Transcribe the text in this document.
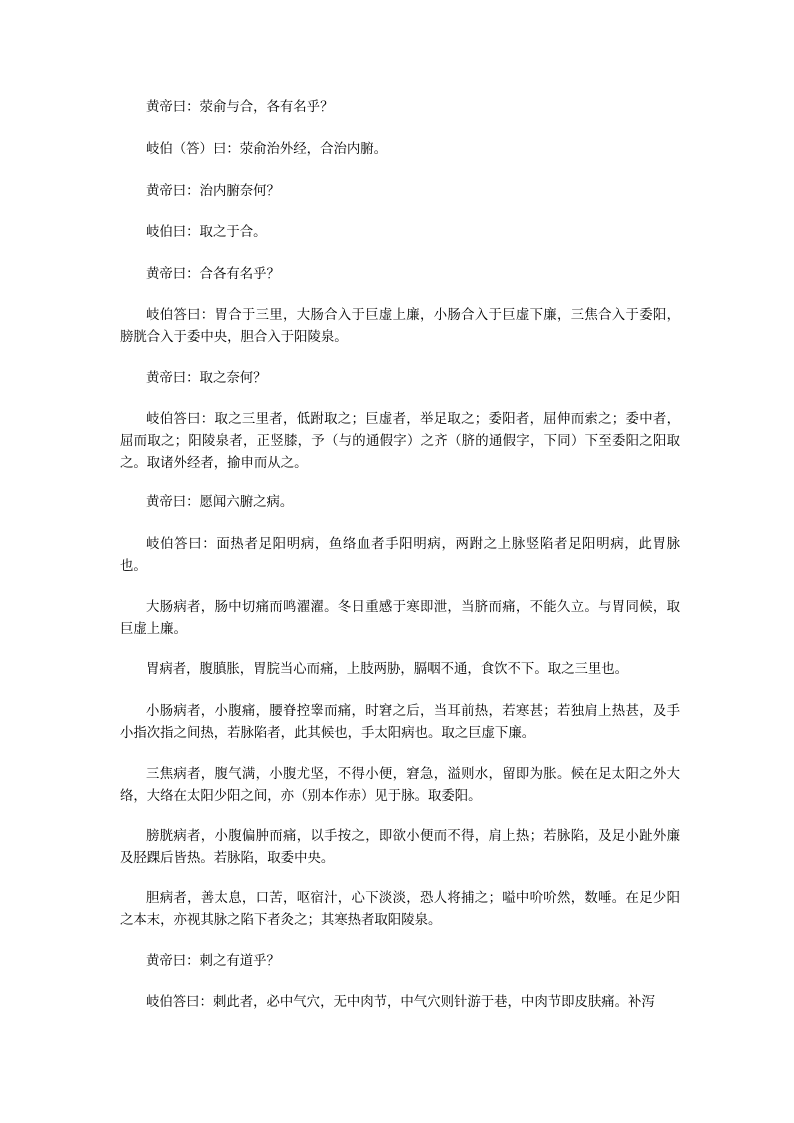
黄帝曰：荥俞与合，各有名乎？

岐伯（答）曰：荥俞治外经，合治内腑。

黄帝曰：治内腑奈何？

岐伯曰：取之于合。

黄帝曰：合各有名乎？

岐伯答曰：胃合于三里，大肠合入于巨虚上廉，小肠合入于巨虚下廉，三焦合入于委阳，膀胱合入于委中央，胆合入于阳陵泉。

黄帝曰：取之奈何？

岐伯答曰：取之三里者，低跗取之；巨虚者，举足取之；委阳者，屈伸而索之；委中者，屈而取之；阳陵泉者，正竖膝，予（与的通假字）之齐（脐的通假字，下同）下至委阳之阳取之。取诸外经者，揄申而从之。

黄帝曰：愿闻六腑之病。

岐伯答曰：面热者足阳明病，鱼络血者手阳明病，两跗之上脉竖陷者足阳明病，此胃脉也。

大肠病者，肠中切痛而鸣濯濯。冬日重感于寒即泄，当脐而痛，不能久立。与胃同候，取巨虚上廉。

胃病者，腹䐜胀，胃脘当心而痛，上肢两胁，膈咽不通，食饮不下。取之三里也。

小肠病者，小腹痛，腰脊控睾而痛，时窘之后，当耳前热，若寒甚；若独肩上热甚，及手小指次指之间热，若脉陷者，此其候也，手太阳病也。取之巨虚下廉。

三焦病者，腹气满，小腹尤坚，不得小便，窘急，溢则水，留即为胀。候在足太阳之外大络，大络在太阳少阳之间，亦（别本作赤）见于脉。取委阳。

膀胱病者，小腹偏肿而痛，以手按之，即欲小便而不得，肩上热；若脉陷，及足小趾外廉及胫踝后皆热。若脉陷，取委中央。

胆病者，善太息，口苦，呕宿汁，心下淡淡，恐人将捕之；嗌中吤吤然，数唾。在足少阳之本末，亦视其脉之陷下者灸之；其寒热者取阳陵泉。

黄帝曰：刺之有道乎？

岐伯答曰：刺此者，必中气穴，无中肉节，中气穴则针游于巷，中肉节即皮肤痛。补泻
